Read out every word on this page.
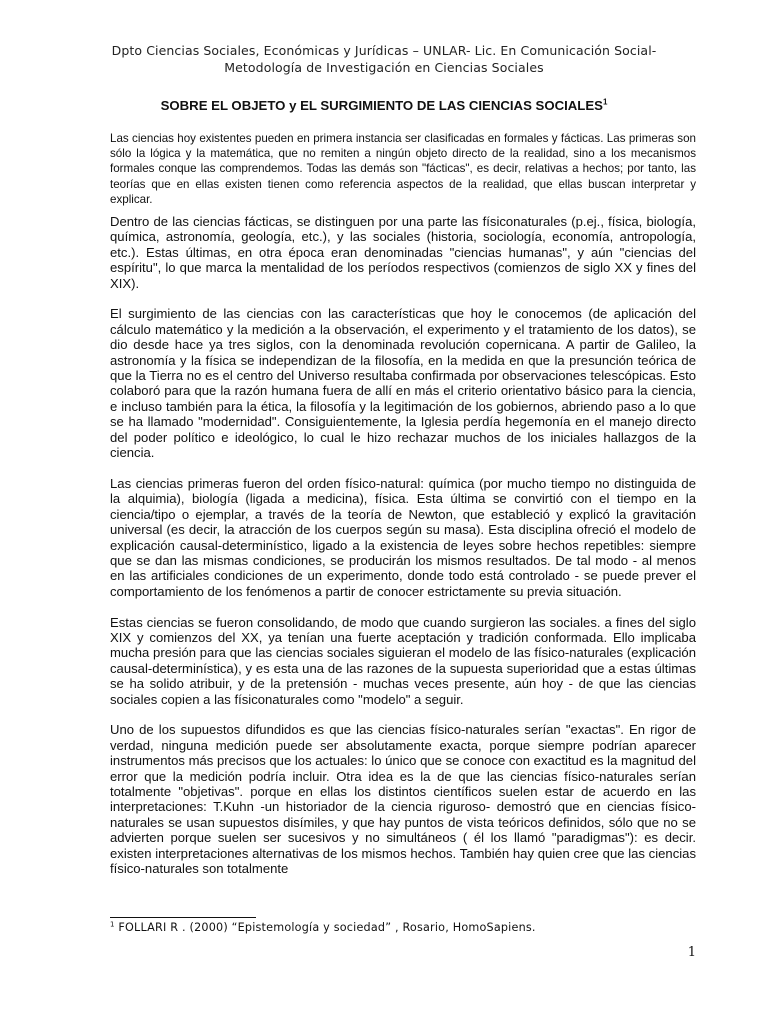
Dpto Ciencias Sociales, Económicas y Jurídicas – UNLAR- Lic. En Comunicación Social-
Metodología de Investigación en Ciencias Sociales
SOBRE EL OBJETO y EL SURGIMIENTO DE LAS CIENCIAS SOCIALES$^1$
Las ciencias hoy existentes pueden en primera instancia ser clasificadas en formales y fácticas. Las primeras son sólo la lógica y la matemática, que no remiten a ningún objeto directo de la realidad, sino a los mecanismos formales conque las comprendemos. Todas las demás son "fácticas", es decir, relativas a hechos; por tanto, las teorías que en ellas existen tienen como referencia aspectos de la realidad, que ellas buscan interpretar y explicar.

Dentro de las ciencias fácticas, se distinguen por una parte las físiconaturales (p.ej., física, biología, química, astronomía, geología, etc.), y las sociales (historia, sociología, economía, antropología, etc.). Estas últimas, en otra época eran denominadas "ciencias humanas", y aún "ciencias del espíritu", lo que marca la mentalidad de los períodos respectivos (comienzos de siglo XX y fines del XIX).

El surgimiento de las ciencias con las características que hoy le conocemos (de aplicación del cálculo matemático y la medición a la observación, el experimento y el tratamiento de los datos), se dio desde hace ya tres siglos, con la denominada revolución copernicana. A partir de Galileo, la astronomía y la física se independizan de la filosofía, en la medida en que la presunción teórica de que la Tierra no es el centro del Universo resultaba confirmada por observaciones telescópicas. Esto colaboró para que la razón humana fuera de allí en más el criterio orientativo básico para la ciencia, e incluso también para la ética, la filosofía y la legitimación de los gobiernos, abriendo paso a lo que se ha llamado "modernidad". Consiguientemente, la Iglesia perdía hegemonía en el manejo directo del poder político e ideológico, lo cual le hizo rechazar muchos de los iniciales hallazgos de la ciencia.

Las ciencias primeras fueron del orden físico-natural: química (por mucho tiempo no distinguida de la alquimia), biología (ligada a medicina), física. Esta última se convirtió con el tiempo en la ciencia/tipo o ejemplar, a través de la teoría de Newton, que estableció y explicó la gravitación universal (es decir, la atracción de los cuerpos según su masa). Esta disciplina ofreció el modelo de explicación causal-determinístico, ligado a la existencia de leyes sobre hechos repetibles: siempre que se dan las mismas condiciones, se producirán los mismos resultados. De tal modo - al menos en las artificiales condiciones de un experimento, donde todo está controlado - se puede prever el comportamiento de los fenómenos a partir de conocer estrictamente su previa situación.

Estas ciencias se fueron consolidando, de modo que cuando surgieron las sociales. a fines del siglo XIX y comienzos del XX, ya tenían una fuerte aceptación y tradición conformada. Ello implicaba mucha presión para que las ciencias sociales siguieran el modelo de las físico-naturales (explicación causal-determinística), y es esta una de las razones de la supuesta superioridad que a estas últimas se ha solido atribuir, y de la pretensión - muchas veces presente, aún hoy - de que las ciencias sociales copien a las físiconaturales como "modelo" a seguir.

Uno de los supuestos difundidos es que las ciencias físico-naturales serían "exactas". En rigor de verdad, ninguna medición puede ser absolutamente exacta, porque siempre podrían aparecer instrumentos más precisos que los actuales: lo único que se conoce con exactitud es la magnitud del error que la medición podría incluir. Otra idea es la de que las ciencias físico-naturales serían totalmente "objetivas". porque en ellas los distintos científicos suelen estar de acuerdo en las interpretaciones: T.Kuhn -un historiador de la ciencia riguroso- demostró que en ciencias físico-naturales se usan supuestos disímiles, y que hay puntos de vista teóricos definidos, sólo que no se advierten porque suelen ser sucesivos y no simultáneos ( él los llamó "paradigmas"): es decir. existen interpretaciones alternativas de los mismos hechos. También hay quien cree que las ciencias físico-naturales son totalmente

$^1$ FOLLARI R . (2000) “Epistemología y sociedad” , Rosario, HomoSapiens.
1
